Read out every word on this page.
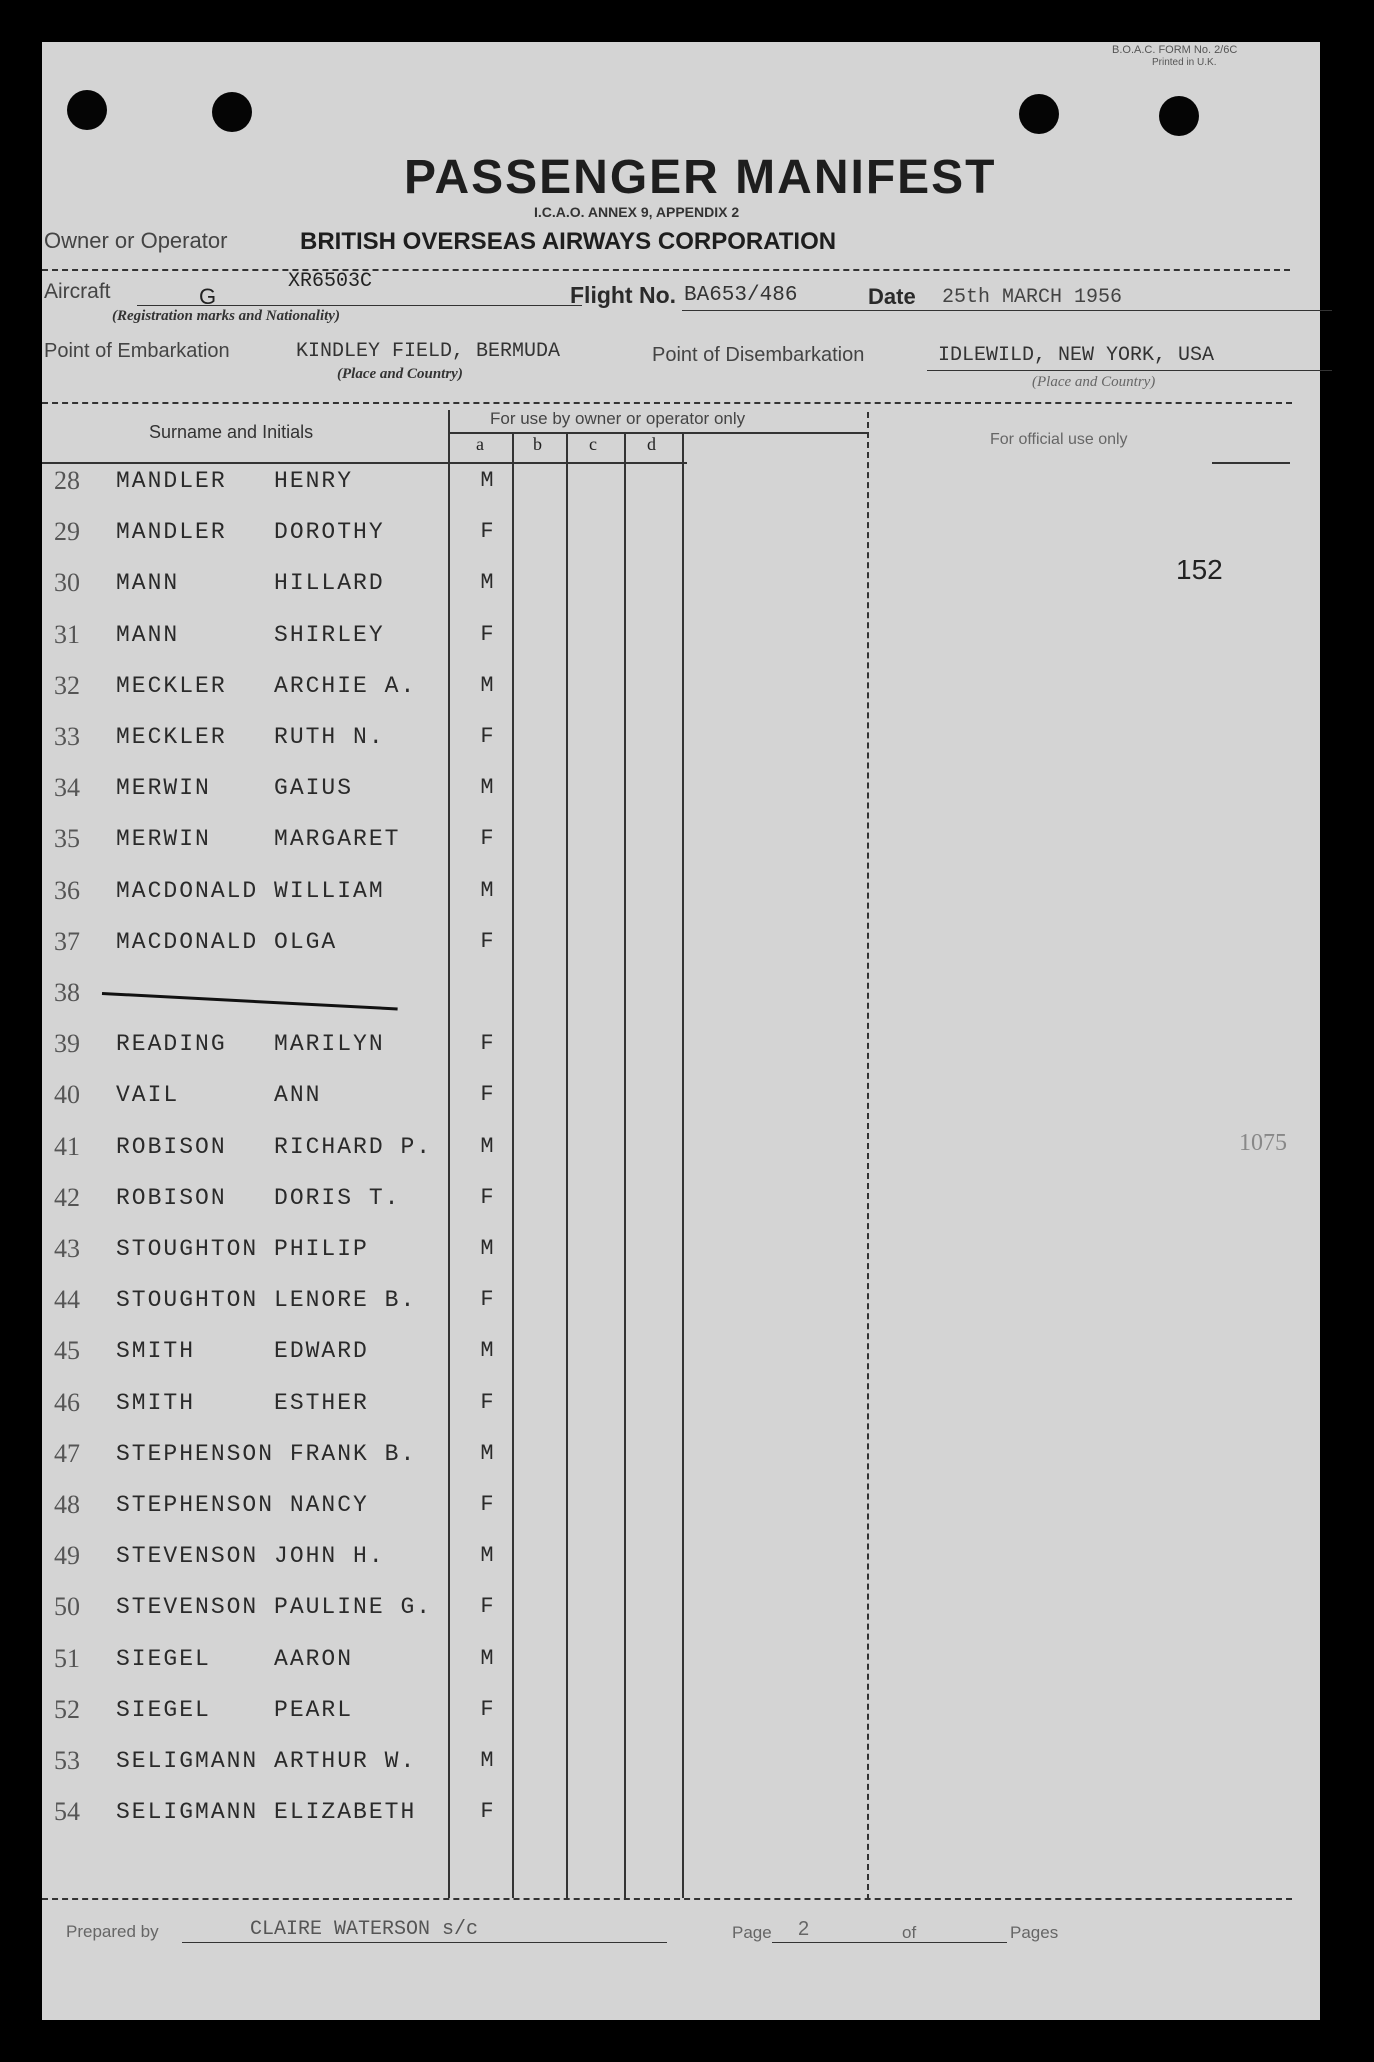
B.O.A.C. FORM No. 2/6C
Printed in U.K.
PASSENGER MANIFEST
I.C.A.O. ANNEX 9, APPENDIX 2
Owner or Operator	BRITISH OVERSEAS AIRWAYS CORPORATION
Aircraft	G
ХR6503С
(Registration marks and Nationality)
Flight No. BA653/486	Date 25th MARCH 1956
Point of Embarkation	KINDLEY FIELD, BERMUDA
(Place and Country)
Point of Disembarkation	IDLEWILD, NEW YORK, USA
(Place and Country)
Surname and Initials
For use by owner or operator only
a	b	c	d	For official use only
28	MANDLER   HENRY	M
29	MANDLER   DOROTHY	F
30	MANN      HILLARD	M
31	MANN      SHIRLEY	F
32	MECKLER   ARCHIE A.	M
33	MECKLER   RUTH N.	F
34	MERWIN    GAIUS	M
35	MERWIN    MARGARET	F
36	MACDONALD WILLIAM	M
37	MACDONALD OLGA	F
38
39	READING   MARILYN	F
40	VAIL      ANN	F
41	ROBISON   RICHARD P.	M
42	ROBISON   DORIS T.	F
43	STOUGHTON PHILIP	M
44	STOUGHTON LENORE B.	F
45	SMITH     EDWARD	M
46	SMITH     ESTHER	F
47	STEPHENSON FRANK B.	M
48	STEPHENSON NANCY	F
49	STEVENSON JOHN H.	M
50	STEVENSON PAULINE G.	F
51	SIEGEL    AARON	M
52	SIEGEL    PEARL	F
53	SELIGMANN ARTHUR W.	M
54	SELIGMANN ELIZABETH	F
152
1075
Prepared by	CLAIRE WATERSON s/c	Page 2	of	Pages
